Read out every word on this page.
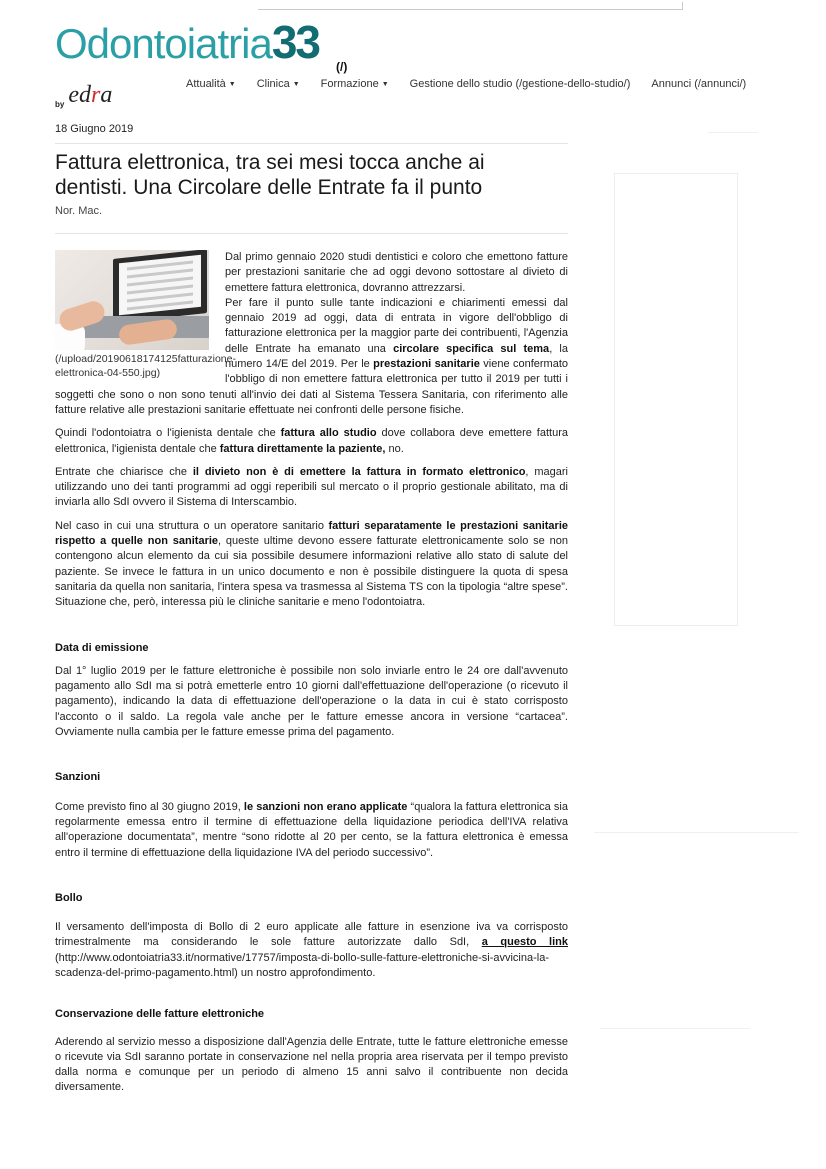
Odontoiatria33 (/)
by edra	Attualità ▼ Clinica ▼ Formazione ▼ Gestione dello studio (/gestione-dello-studio/) Annunci (/annunci/)
18 Giugno 2019
Fattura elettronica, tra sei mesi tocca anche ai dentisti. Una Circolare delle Entrate fa il punto
Nor. Mac.
(/upload/20190618174125fatturazione-elettronica-04-550.jpg)

Dal primo gennaio 2020 studi dentistici e coloro che emettono fatture per prestazioni sanitarie che ad oggi devono sottostare al divieto di emettere fattura elettronica, dovranno attrezzarsi.
Per fare il punto sulle tante indicazioni e chiarimenti emessi dal gennaio 2019 ad oggi, data di entrata in vigore dell'obbligo di fatturazione elettronica per la maggior parte dei contribuenti, l'Agenzia delle Entrate ha emanato una circolare specifica sul tema, la numero 14/E del 2019. Per le prestazioni sanitarie viene confermato l'obbligo di non emettere fattura elettronica per tutto il 2019 per tutti i soggetti che sono o non sono tenuti all'invio dei dati al Sistema Tessera Sanitaria, con riferimento alle fatture relative alle prestazioni sanitarie effettuate nei confronti delle persone fisiche.

Quindi l'odontoiatra o l'igienista dentale che fattura allo studio dove collabora deve emettere fattura elettronica, l'igienista dentale che fattura direttamente la paziente, no.

Entrate che chiarisce che il divieto non è di emettere la fattura in formato elettronico, magari utilizzando uno dei tanti programmi ad oggi reperibili sul mercato o il proprio gestionale abilitato, ma di inviarla allo SdI ovvero il Sistema di Interscambio.

Nel caso in cui una struttura o un operatore sanitario fatturi separatamente le prestazioni sanitarie rispetto a quelle non sanitarie, queste ultime devono essere fatturate elettronicamente solo se non contengono alcun elemento da cui sia possibile desumere informazioni relative allo stato di salute del paziente. Se invece le fattura in un unico documento e non è possibile distinguere la quota di spesa sanitaria da quella non sanitaria, l'intera spesa va trasmessa al Sistema TS con la tipologia “altre spese”. Situazione che, però, interessa più le cliniche sanitarie e meno l'odontoiatra.

Data di emissione

Dal 1° luglio 2019 per le fatture elettroniche è possibile non solo inviarle entro le 24 ore dall'avvenuto pagamento allo SdI ma si potrà emetterle entro 10 giorni dall'effettuazione dell'operazione (o ricevuto il pagamento), indicando la data di effettuazione dell'operazione o la data in cui è stato corrisposto l'acconto o il saldo. La regola vale anche per le fatture emesse ancora in versione “cartacea”. Ovviamente nulla cambia per le fatture emesse prima del pagamento.

Sanzioni

Come previsto fino al 30 giugno 2019, le sanzioni non erano applicate “qualora la fattura elettronica sia regolarmente emessa entro il termine di effettuazione della liquidazione periodica dell'IVA relativa all'operazione documentata”, mentre “sono ridotte al 20 per cento, se la fattura elettronica è emessa entro il termine di effettuazione della liquidazione IVA del periodo successivo”.

Bollo

Il versamento dell'imposta di Bollo di 2 euro applicate alle fatture in esenzione iva va corrisposto trimestralmente ma considerando le sole fatture autorizzate dallo SdI, a questo link (http://www.odontoiatria33.it/normative/17757/imposta-di-bollo-sulle-fatture-elettroniche-si-avvicina-la-scadenza-del-primo-pagamento.html) un nostro approfondimento.

Conservazione delle fatture elettroniche

Aderendo al servizio messo a disposizione dall'Agenzia delle Entrate, tutte le fatture elettroniche emesse o ricevute via SdI saranno portate in conservazione nel nella propria area riservata per il tempo previsto dalla norma e comunque per un periodo di almeno 15 anni salvo il contribuente non decida diversamente.
